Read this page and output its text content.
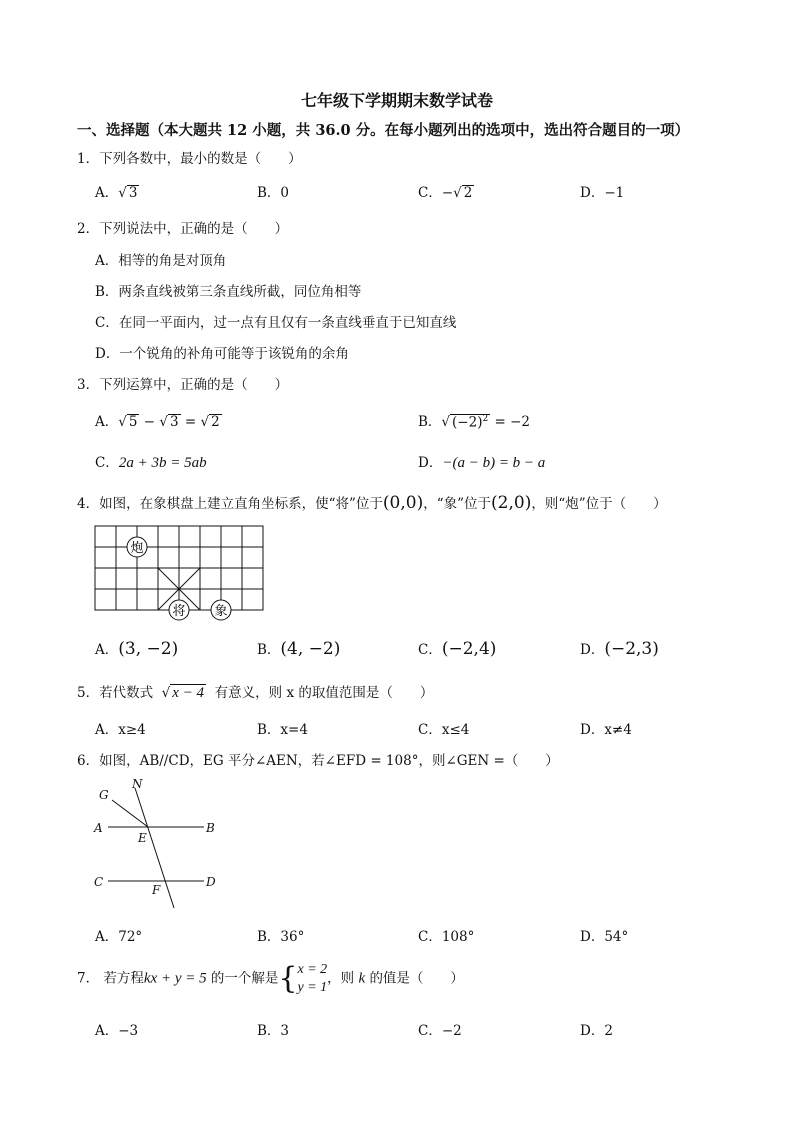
七年级下学期期末数学试卷
一、选择题（本大题共 12 小题，共 36.0 分。在每小题列出的选项中，选出符合题目的一项）
1．下列各数中，最小的数是（　　）
A．√ 3	B．0	C．−√ 2	D．−1
2．下列说法中，正确的是（　　）
A．相等的角是对顶角
B．两条直线被第三条直线所截，同位角相等
C．在同一平面内，过一点有且仅有一条直线垂直于已知直线
D．一个锐角的补角可能等于该锐角的余角
3．下列运算中，正确的是（　　）
A．√ 5 − √ 3 = √ 2	B．√ $(-2)^2 = -2$
C．2a + 3b = 5ab	D．−(a − b) = b − a
4．如图，在象棋盘上建立直角坐标系，使“将”位于(0,0)，“象”位于(2,0)，则“炮”位于（　　）
炮
将 象
A．(3, −2)	B．(4, −2)	C．(−2,4)	D．(−2,3)
5．若代数式  √ x − 4 有意义，则 x 的取值范围是（　　）
A．x≥4	B．x=4	C．x≤4	D．x≠4
6．如图，AB//CD，EG 平分∠AEN，若∠EFD = 108°，则∠GEN =（　　）
G
N
A	B
E
C	D
F
A．72°	B．36°	C．108°	D．54°
7． 若方程kx + y = 5 的一个解是{x = 2
y = 1，则 k 的值是（　　）
A．−3	B．3	C．−2	D．2
